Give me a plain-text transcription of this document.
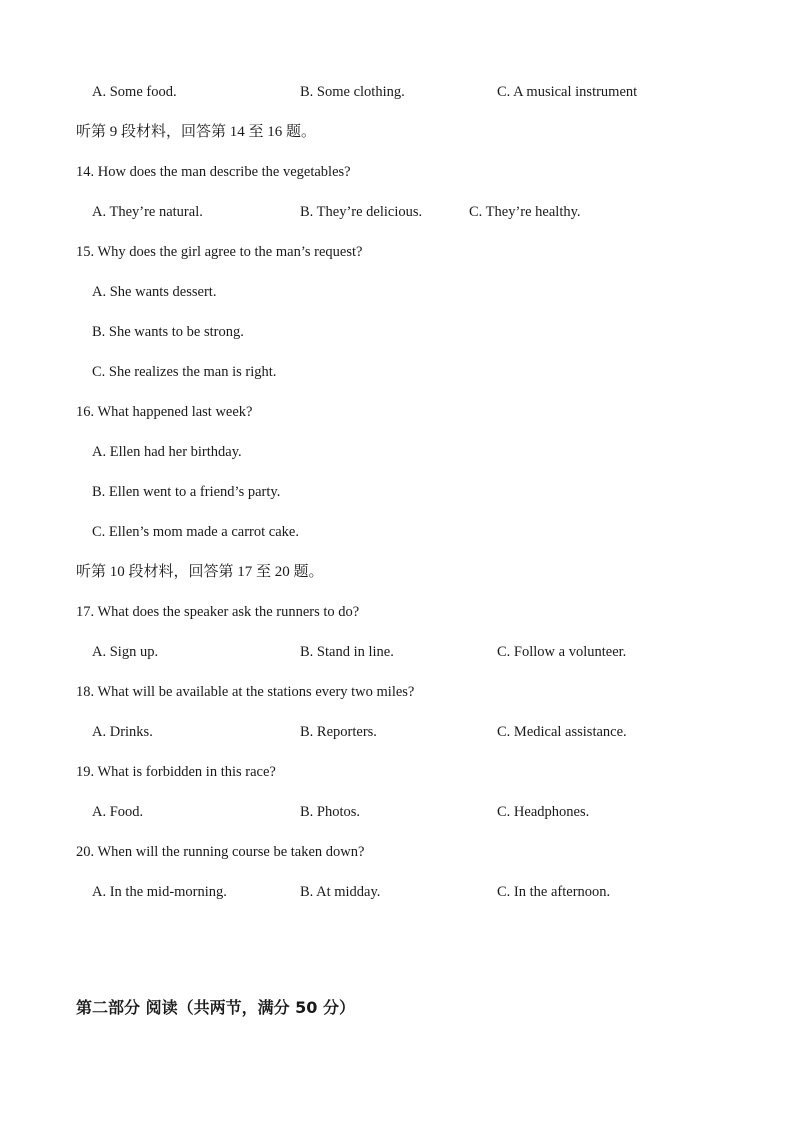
A. Some food.	B. Some clothing.	C. A musical instrument
听第 9 段材料，回答第 14 至 16 题。
14. How does the man describe the vegetables?
A. They’re natural.	B. They’re delicious.	C. They’re healthy.
15. Why does the girl agree to the man’s request?
A. She wants dessert.
B. She wants to be strong.
C. She realizes the man is right.
16. What happened last week?
A. Ellen had her birthday.
B. Ellen went to a friend’s party.
C. Ellen’s mom made a carrot cake.
听第 10 段材料，回答第 17 至 20 题。
17. What does the speaker ask the runners to do?
A. Sign up.	B. Stand in line.	C. Follow a volunteer.
18. What will be available at the stations every two miles?
A. Drinks.	B. Reporters.	C. Medical assistance.
19. What is forbidden in this race?
A. Food.	B. Photos.	C. Headphones.
20. When will the running course be taken down?
A. In the mid-morning.	B. At midday.	C. In the afternoon.
第二部分 阅读（共两节，满分 50 分）
